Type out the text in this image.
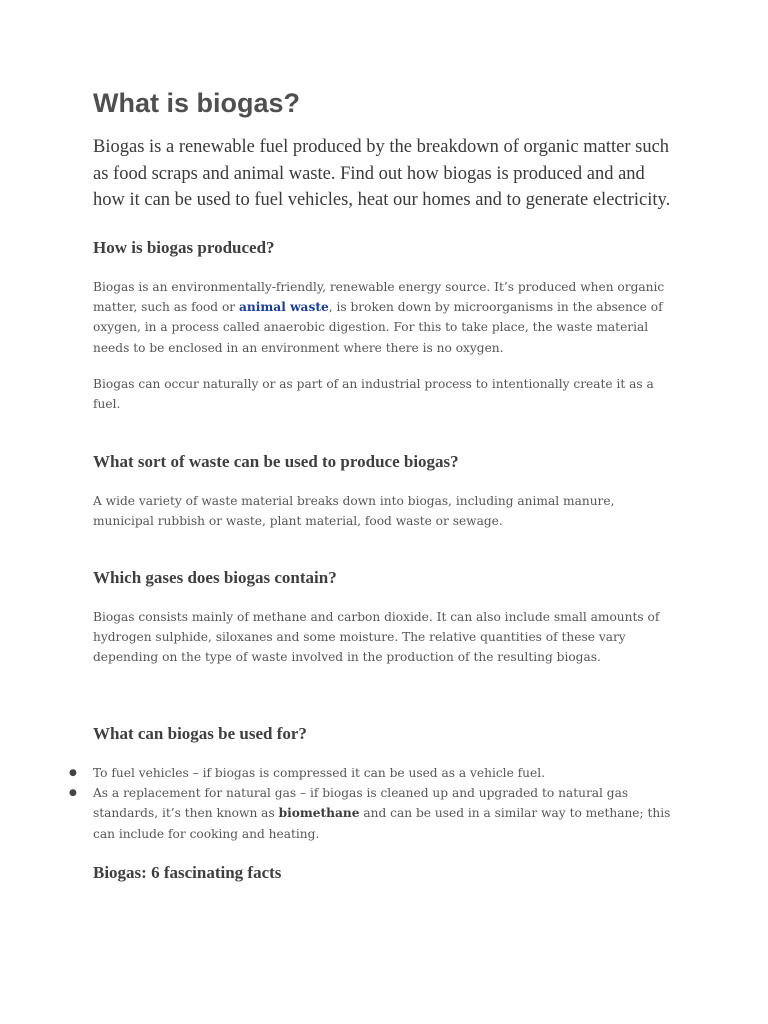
What is biogas?

Biogas is a renewable fuel produced by the breakdown of organic matter such as food scraps and animal waste. Find out how biogas is produced and and how it can be used to fuel vehicles, heat our homes and to generate electricity.

How is biogas produced?

Biogas is an environmentally-friendly, renewable energy source. It’s produced when organic matter, such as food or animal waste, is broken down by microorganisms in the absence of oxygen, in a process called anaerobic digestion. For this to take place, the waste material needs to be enclosed in an environment where there is no oxygen.

Biogas can occur naturally or as part of an industrial process to intentionally create it as a fuel.

What sort of waste can be used to produce biogas?

A wide variety of waste material breaks down into biogas, including animal manure, municipal rubbish or waste, plant material, food waste or sewage.

Which gases does biogas contain?

Biogas consists mainly of methane and carbon dioxide. It can also include small amounts of hydrogen sulphide, siloxanes and some moisture. The relative quantities of these vary depending on the type of waste involved in the production of the resulting biogas.

What can biogas be used for?
● To fuel vehicles – if biogas is compressed it can be used as a vehicle fuel.
● As a replacement for natural gas – if biogas is cleaned up and upgraded to natural gas standards, it’s then known as biomethane and can be used in a similar way to methane; this can include for cooking and heating.
Biogas: 6 fascinating facts
